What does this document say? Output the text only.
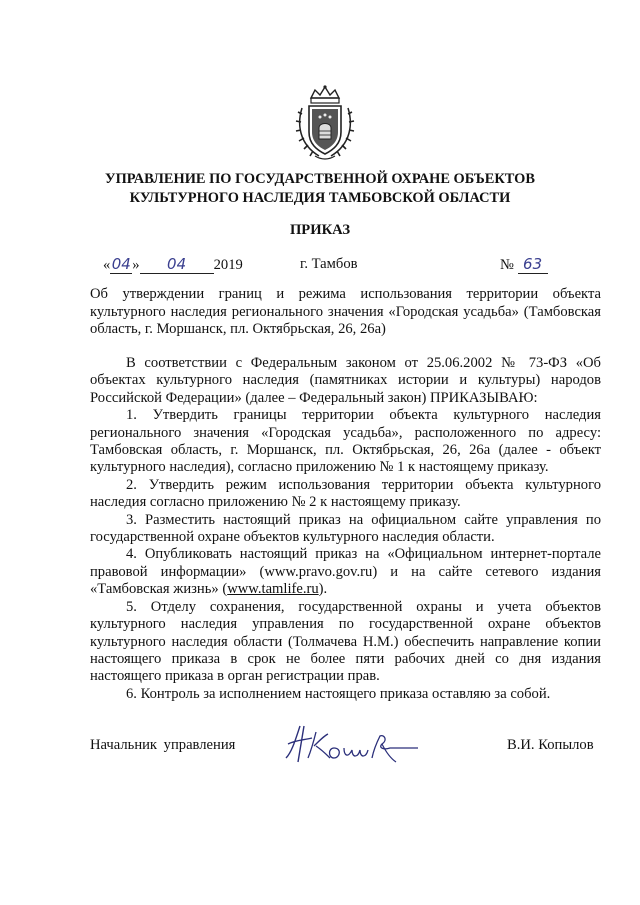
УПРАВЛЕНИЕ ПО ГОСУДАРСТВЕННОЙ ОХРАНЕ ОБЪЕКТОВ
КУЛЬТУРНОГО НАСЛЕДИЯ ТАМБОВСКОЙ ОБЛАСТИ
ПРИКАЗ
«04» 04 2019	г. Тамбов	№ 63
Об утверждении границ и режима использования территории объекта культурного наследия регионального значения «Городская усадьба» (Тамбовская область, г. Моршанск, пл. Октябрьская, 26, 26а)

В соответствии с Федеральным законом от 25.06.2002 № 73-ФЗ «Об объектах культурного наследия (памятниках истории и культуры) народов Российской Федерации» (далее – Федеральный закон) ПРИКАЗЫВАЮ:

1. Утвердить границы территории объекта культурного наследия регионального значения «Городская усадьба», расположенного по адресу: Тамбовская область, г. Моршанск, пл. Октябрьская, 26, 26а (далее - объект культурного наследия), согласно приложению № 1 к настоящему приказу.

2. Утвердить режим использования территории объекта культурного наследия согласно приложению № 2 к настоящему приказу.

3. Разместить настоящий приказ на официальном сайте управления по государственной охране объектов культурного наследия области.

4. Опубликовать настоящий приказ на «Официальном интернет-портале правовой информации» (www.pravo.gov.ru) и на сайте сетевого издания «Тамбовская жизнь» (www.tamlife.ru).

5. Отделу сохранения, государственной охраны и учета объектов культурного наследия управления по государственной охране объектов культурного наследия области (Толмачева Н.М.) обеспечить направление копии настоящего приказа в срок не более пяти рабочих дней со дня издания настоящего приказа в орган регистрации прав.

6. Контроль за исполнением настоящего приказа оставляю за собой.

Начальник управления	В.И. Копылов
